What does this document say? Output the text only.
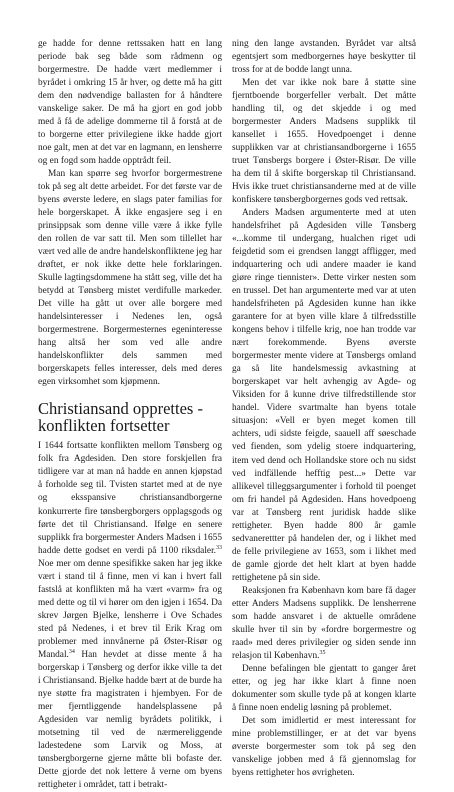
ge hadde for denne rettssaken hatt en lang periode bak seg både som rådmenn og borgermestre. De hadde vært medlemmer i byrådet i omkring 15 år hver, og dette må ha gitt dem den nødvendige ballasten for å håndtere vanskelige saker. De må ha gjort en god jobb med å få de adelige dommerne til å forstå at de to borgerne etter privilegiene ikke hadde gjort noe galt, men at det var en lagmann, en lensherre og en fogd som hadde opptrådt feil.

Man kan spørre seg hvorfor borgermestrene tok på seg alt dette arbeidet. For det første var de byens øverste ledere, en slags pater familias for hele borgerskapet. Å ikke engasjere seg i en prinsippsak som denne ville være å ikke fylle den rollen de var satt til. Men som tillellet har vært ved alle de andre handelskonfliktene jeg har drøftet, er nok ikke dette hele forklaringen. Skulle lagtingsdommene ha stått seg, ville det ha betydd at Tønsberg mistet verdifulle markeder. Det ville ha gått ut over alle borgere med handelsinteresser i Nedenes len, også borgermestrene. Borgermesternes egeninteresse hang altså her som ved alle andre handelskonflikter dels sammen med borgerskapets felles interesser, dels med deres egen virksomhet som kjøpmenn.

Christiansand opprettes - konflikten fortsetter

I 1644 fortsatte konflikten mellom Tønsberg og folk fra Agdesiden. Den store forskjellen fra tidligere var at man nå hadde en annen kjøpstad å forholde seg til. Tvisten startet med at de nye og eksspansive christiansandborgerne konkurrerte fire tønsbergborgers opplagsgods og førte det til Christiansand. Ifølge en senere supplikk fra borgermester Anders Madsen i 1655 hadde dette godset en verdi på 1100 riksdaler.$^{33}$ Noe mer om denne spesifikke saken har jeg ikke vært i stand til å finne, men vi kan i hvert fall fastslå at konflikten må ha vært «varm» fra og med dette og til vi hører om den igjen i 1654. Da skrev Jørgen Bjelke, lensherre i Ove Schades sted på Nedenes, i et brev til Erik Krag om problemer med innvånerne på Øster-Risør og Mandal.$^{34}$ Han hevdet at disse mente å ha borgerskap i Tønsberg og derfor ikke ville ta det i Christiansand. Bjelke hadde bært at de burde ha nye støtte fra magistraten i hjembyen. For de mer fjerntliggende handelsplassene på Agdesiden var nemlig byrådets politikk, i motsetning til ved de nærmereliggende ladestedene som Larvik og Moss, at tønsbergborgerne gjerne måtte bli bofaste der. Dette gjorde det nok lettere å verne om byens rettigheter i området, tatt i betrakt-

ning den lange avstanden. Byrådet var altså egentsjert som medborgernes høye beskytter til tross for at de bodde langt unna.

Men det var ikke nok bare å støtte sine fjerntboende borgerfeller verbalt. Det måtte handling til, og det skjedde i og med borgermester Anders Madsens supplikk til kansellet i 1655. Hovedpoenget i denne supplikken var at christiansandborgerne i 1655 truet Tønsbergs borgere i Øster-Risør. De ville ha dem til å skifte borgerskap til Christiansand. Hvis ikke truet christiansanderne med at de ville konfiskere tønsbergborgernes gods ved rettsak.

Anders Madsen argumenterte med at uten handelsfrihet på Agdesiden ville Tønsberg «...komme til undergang, hualchen riget udi feigdetid som ei grendsen langgt affligger, med indquartering och udi andere maader ie kand giøre ringe tiennister». Dette virker nesten som en trussel. Det han argumenterte med var at uten handelsfriheten på Agdesiden kunne han ikke garantere for at byen ville klare å tilfredsstille kongens behov i tilfelle krig, noe han trodde var nært forekommende. Byens øverste borgermester mente videre at Tønsbergs omland ga så lite handelsmessig avkastning at borgerskapet var helt avhengig av Agde- og Viksiden for å kunne drive tilfredstillende stor handel. Videre svartmalte han byens totale situasjon: «Vell er byen meget komen till achters, udi sidste feigde, saauell aff søeschade ved fienden, som ydelig stoere indquartering, item ved dend och Hollandske store och nu sidst ved indfällende hefftig pest...» Dette var allikevel tilleggsargumenter i forhold til poenget om fri handel på Agdesiden. Hans hovedpoeng var at Tønsberg rent juridisk hadde slike rettigheter. Byen hadde 800 år gamle sedvanerettter på handelen der, og i likhet med de felle privilegiene av 1653, som i likhet med de gamle gjorde det helt klart at byen hadde rettighetene på sin side.

Reaksjonen fra København kom bare få dager etter Anders Madsens supplikk. De lensherrene som hadde ansvaret i de aktuelle områdene skulle hver til sin by «fordre borgermestre og raad» med deres privilegier og siden sende inn relasjon til København.$^{35}$

Denne befalingen ble gjentatt to ganger året etter, og jeg har ikke klart å finne noen dokumenter som skulle tyde på at kongen klarte å finne noen endelig løsning på problemet.

Det som imidlertid er mest interessant for mine problemstillinger, er at det var byens øverste borgermester som tok på seg den vanskelige jobben med å få gjennomslag for byens rettigheter hos øvrigheten.
